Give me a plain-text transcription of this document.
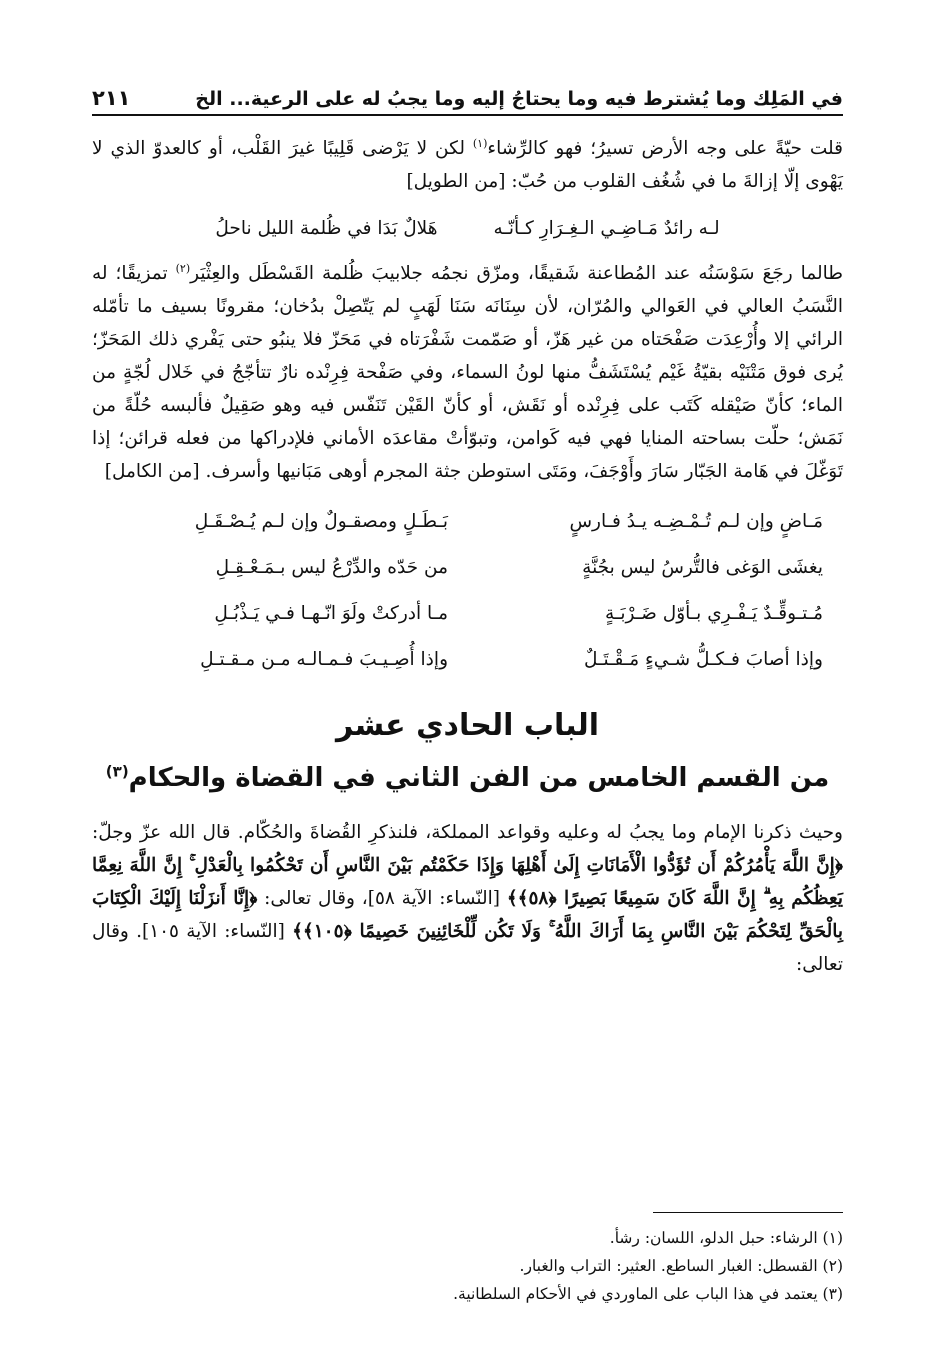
في المَلِك وما يُشترط فيه وما يحتاجُ إليه وما يجبُ له على الرعية... الخ
٢١١

قلت حيّةً على وجه الأرض تسيرُ؛ فهو كالرِّشاء$^{(١)}$ لكن لا يَرْضى قَلِيبًا غيرَ القَلْب، أو كالعدوّ الذي لا يَهْوى إلّا إزالةَ ما في شُغُف القلوب من حُبّ: [من الطويل]

لـه رائدٌ مَـاضِـي الـغِـرَارِ كـأنّـه
هَلالٌ بَدَا في ظُلمة الليل ناحلُ

طالما رجَعَ سَوْسَنُه عند المُطاعنة شَقيقًا، ومزّق نجمُه جلابيبَ ظُلمة القَسْطَل والعِثْيَر$^{(٢)}$ تمزيقًا؛ له النَّسَبُ العالي في العَوالي والمُرّان، لأن سِنَانَه سَنَا لَهَبٍ لم يَتّصِلْ بدُخان؛ مقرونًا بسيف ما تأمّله الرائي إلا وأُرْعِدَت صَفْحَتاه من غير هَزّ، أو صَمّمت شَفْرَتاه في مَحَزّ فلا ينبُو حتى يَفْري ذلك المَحَزّ؛ يُرى فوق مَتْنَيْه بقيّةُ غَيْم يُسْتَشَفُّ منها لونُ السماء، وفي صَفْحة فِرِنْده نارٌ تتأجّجُ في خَلال لُجّةٍ من الماء؛ كأنّ صَيْقله كَتَب على فِرِنْده أو نَقَش، أو كأنّ القَيْن تَنَفّس فيه وهو صَقِيلٌ فألبسه حُلّةً من نَمَش؛ حلّت بساحته المنايا فهي فيه كَوامن، وتبوّأتْ مقاعدَه الأماني فلإدراكها من فعله قرائن؛ إذا تَوَغّلَ في هَامة الجَبّار سَارَ وأَوْجَفَ، ومَتَى استوطن جثة المجرم أوهى مَبَانيها وأسرف. [من الكامل]

مَـاضٍ وإن لـم تُـمْـضِـه يـدُ فـارسٍ
بَـطَـلٍ ومصقـولٌ وإن لـم يُـصْـقَـلِ
يغشَى الوَغى فالتُّرسُ ليس بجُنَّةٍ
من حَدّه والدِّرْعُ ليس بـمَـعْـقِـلِ
مُـتـوقِّـدٌ يَـفْـرِي بـأوّل ضَـرْبَـةٍ
مـا أدركتْ ولَوَ انّـهـا فـي يَـذْبُـلِ
وإذا أصابَ فـكـلُّ شـيءٍ مَـقْـتَـلٌ
وإذا أُصِـيـبَ فـمـالـه مـن مـقـتـلِ
الباب الحادي عشر
من القسم الخامس من الفن الثاني في القضاة والحكام$^{(٣)}$

وحيث ذكرنا الإمام وما يجبُ له وعليه وقواعد المملكة، فلنذكرِ القُضاةَ والحُكّام. قال الله عزّ وجلّ: ﴿إِنَّ اللَّهَ يَأْمُرُكُمْ أَن تُؤَدُّوا الْأَمَانَاتِ إِلَىٰ أَهْلِهَا وَإِذَا حَكَمْتُم بَيْنَ النَّاسِ أَن تَحْكُمُوا بِالْعَدْلِ ۚ إِنَّ اللَّهَ نِعِمَّا يَعِظُكُم بِهِ ۗ إِنَّ اللَّهَ كَانَ سَمِيعًا بَصِيرًا ﴿٥٨﴾﴾ [النّساء: الآية ٥٨]، وقال تعالى: ﴿إِنَّا أَنزَلْنَا إِلَيْكَ الْكِتَابَ بِالْحَقِّ لِتَحْكُمَ بَيْنَ النَّاسِ بِمَا أَرَاكَ اللَّهُ ۚ وَلَا تَكُن لِّلْخَائِنِينَ خَصِيمًا ﴿١٠٥﴾﴾ [النّساء: الآية ١٠٥]. وقال تعالى:

(١) الرشاء: حبل الدلو، اللسان: رشأ.
(٢) القسطل: الغبار الساطع. العثير: التراب والغبار.
(٣) يعتمد في هذا الباب على الماوردي في الأحكام السلطانية.
